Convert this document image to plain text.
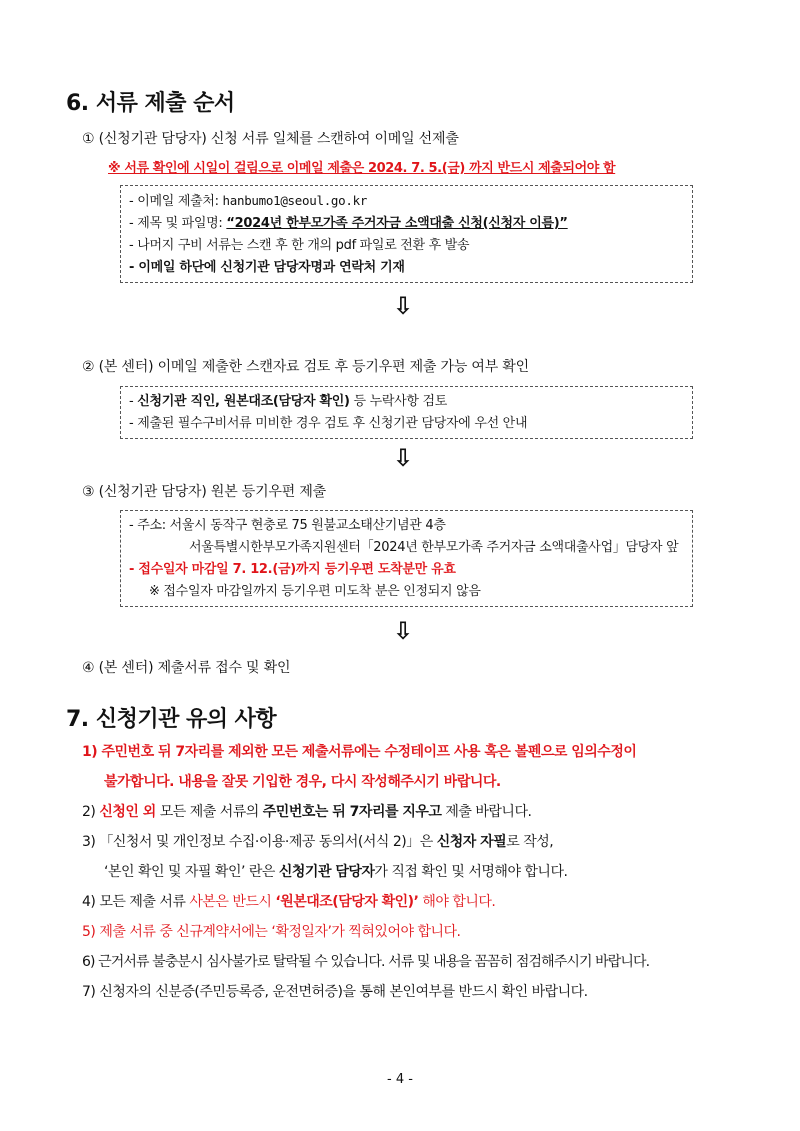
6. 서류 제출 순서
① (신청기관 담당자) 신청 서류 일체를 스캔하여 이메일 선제출
※ 서류 확인에 시일이 걸림으로 이메일 제출은 2024. 7. 5.(금) 까지 반드시 제출되어야 함
- 이메일 제출처: hanbumo1@seoul.go.kr
- 제목 및 파일명: “2024년 한부모가족 주거자금 소액대출 신청(신청자 이름)”
- 나머지 구비 서류는 스캔 후 한 개의 pdf 파일로 전환 후 발송
- 이메일 하단에 신청기관 담당자명과 연락처 기재
⇩
② (본 센터) 이메일 제출한 스캔자료 검토 후 등기우편 제출 가능 여부 확인
- 신청기관 직인, 원본대조(담당자 확인) 등 누락사항 검토
- 제출된 필수구비서류 미비한 경우 검토 후 신청기관 담당자에 우선 안내
⇩
③ (신청기관 담당자) 원본 등기우편 제출
- 주소: 서울시 동작구 현충로 75 원불교소태산기념관 4층
서울특별시한부모가족지원센터「2024년 한부모가족 주거자금 소액대출사업」담당자 앞
- 접수일자 마감일 7. 12.(금)까지 등기우편 도착분만 유효
※ 접수일자 마감일까지 등기우편 미도착 분은 인정되지 않음
⇩
④ (본 센터) 제출서류 접수 및 확인
7. 신청기관 유의 사항
1) 주민번호 뒤 7자리를 제외한 모든 제출서류에는 수정테이프 사용 혹은 볼펜으로 임의수정이
불가합니다. 내용을 잘못 기입한 경우, 다시 작성해주시기 바랍니다.
2) 신청인 외 모든 제출 서류의 주민번호는 뒤 7자리를 지우고 제출 바랍니다.
3) 「신청서 및 개인정보 수집·이용·제공 동의서(서식 2)」은 신청자 자필로 작성,
‘본인 확인 및 자필 확인’ 란은 신청기관 담당자가 직접 확인 및 서명해야 합니다.
4) 모든 제출 서류 사본은 반드시 ‘원본대조(담당자 확인)’ 해야 합니다.
5) 제출 서류 중 신규계약서에는 ‘확정일자’가 찍혀있어야 합니다.
6) 근거서류 불충분시 심사불가로 탈락될 수 있습니다. 서류 및 내용을 꼼꼼히 점검해주시기 바랍니다.
7) 신청자의 신분증(주민등록증, 운전면허증)을 통해 본인여부를 반드시 확인 바랍니다.
- 4 -
